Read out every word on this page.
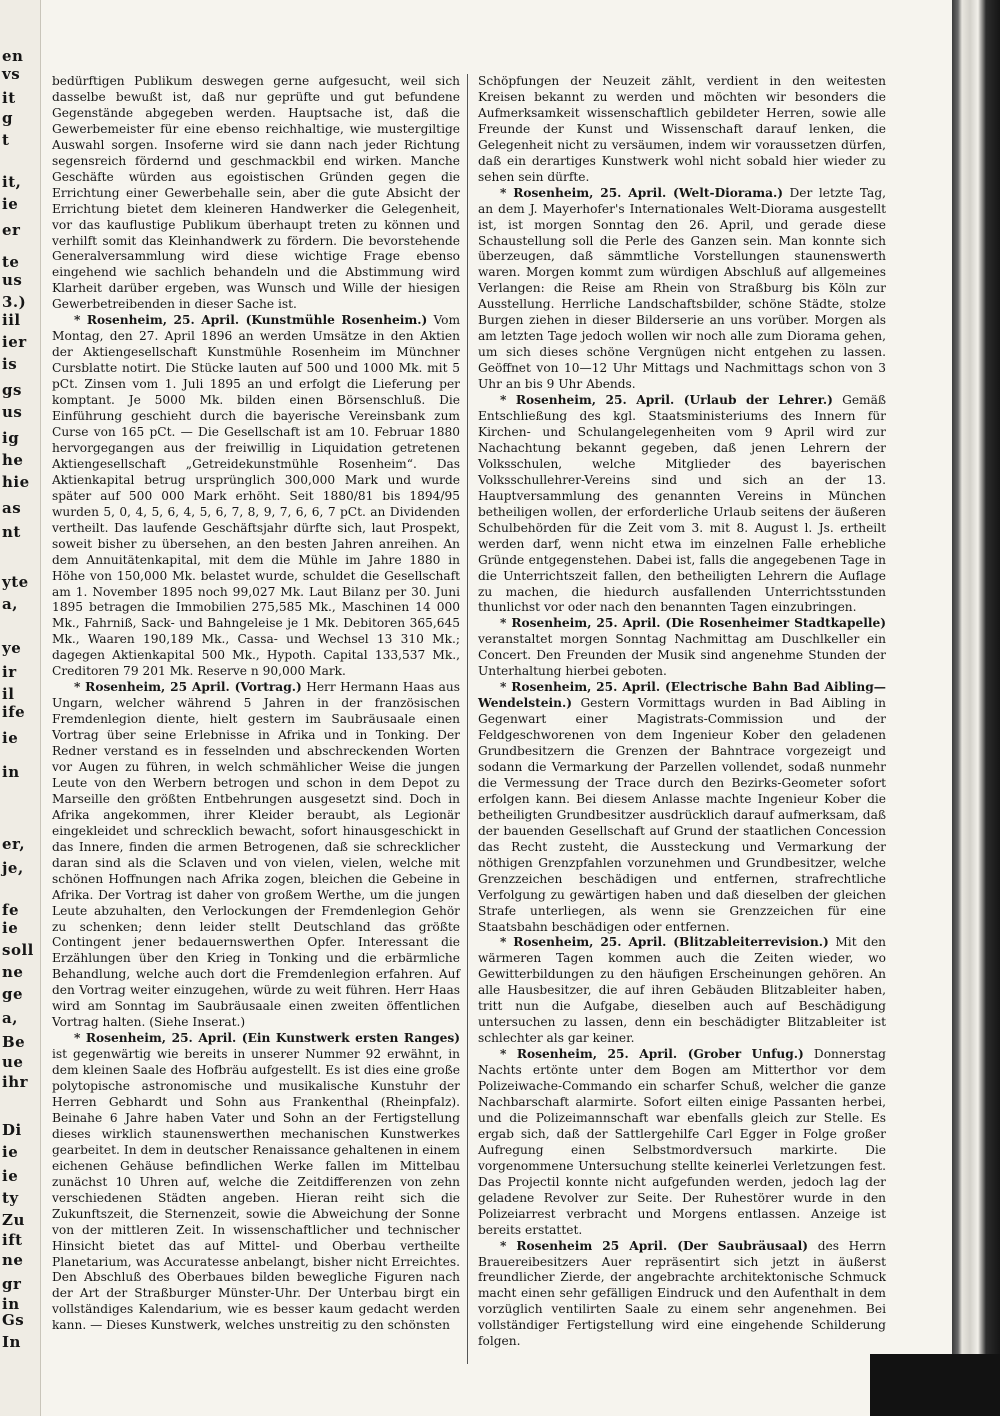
en
vs
it
g
t
it,
ie
er
te
us
3.)
iil
ier
is
gs
us
ig
he
hie
as
nt
yte
a,
ye
ir
il
ife
ie
in
er,
je,
fe
ie
soll
ne
ge
a,
Be
ue
ihr
Di
ie
ie
ty
Zu
ift
ne
gr
in
Gs
In

bedürftigen Publikum deswegen gerne aufgesucht, weil sich dasselbe bewußt ist, daß nur geprüfte und gut befundene Gegenstände abgegeben werden. Hauptsache ist, daß die Gewerbemeister für eine ebenso reichhaltige, wie mustergiltige Auswahl sorgen. Insoferne wird sie dann nach jeder Richtung segensreich fördernd und geschmackbil end wirken. Manche Geschäfte würden aus egoistischen Gründen gegen die Errichtung einer Gewerbehalle sein, aber die gute Absicht der Errichtung bietet dem kleineren Handwerker die Gelegenheit, vor das kauflustige Publikum überhaupt treten zu können und verhilft somit das Kleinhandwerk zu fördern. Die bevorstehende Generalversammlung wird diese wichtige Frage ebenso eingehend wie sachlich behandeln und die Abstimmung wird Klarheit darüber ergeben, was Wunsch und Wille der hiesigen Gewerbetreibenden in dieser Sache ist.

* Rosenheim, 25. April. (Kunstmühle Rosenheim.) Vom Montag, den 27. April 1896 an werden Umsätze in den Aktien der Aktiengesellschaft Kunstmühle Rosenheim im Münchner Cursblatte notirt. Die Stücke lauten auf 500 und 1000 Mk. mit 5 pCt. Zinsen vom 1. Juli 1895 an und erfolgt die Lieferung per komptant. Je 5000 Mk. bilden einen Börsenschluß. Die Einführung geschieht durch die bayerische Vereinsbank zum Curse von 165 pCt. — Die Gesellschaft ist am 10. Februar 1880 hervorgegangen aus der freiwillig in Liquidation getretenen Aktiengesellschaft „Getreidekunstmühle Rosenheim“. Das Aktienkapital betrug ursprünglich 300,000 Mark und wurde später auf 500 000 Mark erhöht. Seit 1880/81 bis 1894/95 wurden 5, 0, 4, 5, 6, 4, 5, 6, 7, 8, 9, 7, 6, 6, 7 pCt. an Dividenden vertheilt. Das laufende Geschäftsjahr dürfte sich, laut Prospekt, soweit bisher zu übersehen, an den besten Jahren anreihen. An dem Annuitätenkapital, mit dem die Mühle im Jahre 1880 in Höhe von 150,000 Mk. belastet wurde, schuldet die Gesellschaft am 1. November 1895 noch 99,027 Mk. Laut Bilanz per 30. Juni 1895 betragen die Immobilien 275,585 Mk., Maschinen 14 000 Mk., Fahrniß, Sack- und Bahngeleise je 1 Mk. Debitoren 365,645 Mk., Waaren 190,189 Mk., Cassa- und Wechsel 13 310 Mk.; dagegen Aktienkapital 500 Mk., Hypoth. Capital 133,537 Mk., Creditoren 79 201 Mk. Reserve n 90,000 Mark.

* Rosenheim, 25 April. (Vortrag.) Herr Hermann Haas aus Ungarn, welcher während 5 Jahren in der französischen Fremdenlegion diente, hielt gestern im Saubräusaale einen Vortrag über seine Erlebnisse in Afrika und in Tonking. Der Redner verstand es in fesselnden und abschreckenden Worten vor Augen zu führen, in welch schmählicher Weise die jungen Leute von den Werbern betrogen und schon in dem Depot zu Marseille den größten Entbehrungen ausgesetzt sind. Doch in Afrika angekommen, ihrer Kleider beraubt, als Legionär eingekleidet und schrecklich bewacht, sofort hinausgeschickt in das Innere, finden die armen Betrogenen, daß sie schrecklicher daran sind als die Sclaven und von vielen, vielen, welche mit schönen Hoffnungen nach Afrika zogen, bleichen die Gebeine in Afrika. Der Vortrag ist daher von großem Werthe, um die jungen Leute abzuhalten, den Verlockungen der Fremdenlegion Gehör zu schenken; denn leider stellt Deutschland das größte Contingent jener bedauernswerthen Opfer. Interessant die Erzählungen über den Krieg in Tonking und die erbärmliche Behandlung, welche auch dort die Fremdenlegion erfahren. Auf den Vortrag weiter einzugehen, würde zu weit führen. Herr Haas wird am Sonntag im Saubräusaale einen zweiten öffentlichen Vortrag halten. (Siehe Inserat.)

* Rosenheim, 25. April. (Ein Kunstwerk ersten Ranges) ist gegenwärtig wie bereits in unserer Nummer 92 erwähnt, in dem kleinen Saale des Hofbräu aufgestellt. Es ist dies eine große polytopische astronomische und musikalische Kunstuhr der Herren Gebhardt und Sohn aus Frankenthal (Rheinpfalz). Beinahe 6 Jahre haben Vater und Sohn an der Fertigstellung dieses wirklich staunenswerthen mechanischen Kunstwerkes gearbeitet. In dem in deutscher Renaissance gehaltenen in einem eichenen Gehäuse befindlichen Werke fallen im Mittelbau zunächst 10 Uhren auf, welche die Zeitdifferenzen von zehn verschiedenen Städten angeben. Hieran reiht sich die Zukunftszeit, die Sternenzeit, sowie die Abweichung der Sonne von der mittleren Zeit. In wissenschaftlicher und technischer Hinsicht bietet das auf Mittel- und Oberbau vertheilte Planetarium, was Accuratesse anbelangt, bisher nicht Erreichtes. Den Abschluß des Oberbaues bilden bewegliche Figuren nach der Art der Straßburger Münster-Uhr. Der Unterbau birgt ein vollständiges Kalendarium, wie es besser kaum gedacht werden kann. — Dieses Kunstwerk, welches unstreitig zu den schönsten

Schöpfungen der Neuzeit zählt, verdient in den weitesten Kreisen bekannt zu werden und möchten wir besonders die Aufmerksamkeit wissenschaftlich gebildeter Herren, sowie alle Freunde der Kunst und Wissenschaft darauf lenken, die Gelegenheit nicht zu versäumen, indem wir voraussetzen dürfen, daß ein derartiges Kunstwerk wohl nicht sobald hier wieder zu sehen sein dürfte.

* Rosenheim, 25. April. (Welt-Diorama.) Der letzte Tag, an dem J. Mayerhofer's Internationales Welt-Diorama ausgestellt ist, ist morgen Sonntag den 26. April, und gerade diese Schaustellung soll die Perle des Ganzen sein. Man konnte sich überzeugen, daß sämmtliche Vorstellungen staunenswerth waren. Morgen kommt zum würdigen Abschluß auf allgemeines Verlangen: die Reise am Rhein von Straßburg bis Köln zur Ausstellung. Herrliche Landschaftsbilder, schöne Städte, stolze Burgen ziehen in dieser Bilderserie an uns vorüber. Morgen als am letzten Tage jedoch wollen wir noch alle zum Diorama gehen, um sich dieses schöne Vergnügen nicht entgehen zu lassen. Geöffnet von 10—12 Uhr Mittags und Nachmittags schon von 3 Uhr an bis 9 Uhr Abends.

* Rosenheim, 25. April. (Urlaub der Lehrer.) Gemäß Entschließung des kgl. Staatsministeriums des Innern für Kirchen- und Schulangelegenheiten vom 9 April wird zur Nachachtung bekannt gegeben, daß jenen Lehrern der Volksschulen, welche Mitglieder des bayerischen Volksschullehrer-Vereins sind und sich an der 13. Hauptversammlung des genannten Vereins in München betheiligen wollen, der erforderliche Urlaub seitens der äußeren Schulbehörden für die Zeit vom 3. mit 8. August l. Js. ertheilt werden darf, wenn nicht etwa im einzelnen Falle erhebliche Gründe entgegenstehen. Dabei ist, falls die angegebenen Tage in die Unterrichtszeit fallen, den betheiligten Lehrern die Auflage zu machen, die hiedurch ausfallenden Unterrichtsstunden thunlichst vor oder nach den benannten Tagen einzubringen.

* Rosenheim, 25. April. (Die Rosenheimer Stadtkapelle) veranstaltet morgen Sonntag Nachmittag am Duschlkeller ein Concert. Den Freunden der Musik sind angenehme Stunden der Unterhaltung hierbei geboten.

* Rosenheim, 25. April. (Electrische Bahn Bad Aibling—Wendelstein.) Gestern Vormittags wurden in Bad Aibling in Gegenwart einer Magistrats-Commission und der Feldgeschworenen von dem Ingenieur Kober den geladenen Grundbesitzern die Grenzen der Bahntrace vorgezeigt und sodann die Vermarkung der Parzellen vollendet, sodaß nunmehr die Vermessung der Trace durch den Bezirks-Geometer sofort erfolgen kann. Bei diesem Anlasse machte Ingenieur Kober die betheiligten Grundbesitzer ausdrücklich darauf aufmerksam, daß der bauenden Gesellschaft auf Grund der staatlichen Concession das Recht zusteht, die Aussteckung und Vermarkung der nöthigen Grenzpfahlen vorzunehmen und Grundbesitzer, welche Grenzzeichen beschädigen und entfernen, strafrechtliche Verfolgung zu gewärtigen haben und daß dieselben der gleichen Strafe unterliegen, als wenn sie Grenzzeichen für eine Staatsbahn beschädigen oder entfernen.

* Rosenheim, 25. April. (Blitzableiterrevision.) Mit den wärmeren Tagen kommen auch die Zeiten wieder, wo Gewitterbildungen zu den häufigen Erscheinungen gehören. An alle Hausbesitzer, die auf ihren Gebäuden Blitzableiter haben, tritt nun die Aufgabe, dieselben auch auf Beschädigung untersuchen zu lassen, denn ein beschädigter Blitzableiter ist schlechter als gar keiner.

* Rosenheim, 25. April. (Grober Unfug.) Donnerstag Nachts ertönte unter dem Bogen am Mitterthor vor dem Polizeiwache-Commando ein scharfer Schuß, welcher die ganze Nachbarschaft alarmirte. Sofort eilten einige Passanten herbei, und die Polizeimannschaft war ebenfalls gleich zur Stelle. Es ergab sich, daß der Sattlergehilfe Carl Egger in Folge großer Aufregung einen Selbstmordversuch markirte. Die vorgenommene Untersuchung stellte keinerlei Verletzungen fest. Das Projectil konnte nicht aufgefunden werden, jedoch lag der geladene Revolver zur Seite. Der Ruhestörer wurde in den Polizeiarrest verbracht und Morgens entlassen. Anzeige ist bereits erstattet.

* Rosenheim 25 April. (Der Saubräusaal) des Herrn Brauereibesitzers Auer repräsentirt sich jetzt in äußerst freundlicher Zierde, der angebrachte architektonische Schmuck macht einen sehr gefälligen Eindruck und den Aufenthalt in dem vorzüglich ventilirten Saale zu einem sehr angenehmen. Bei vollständiger Fertigstellung wird eine eingehende Schilderung folgen.
